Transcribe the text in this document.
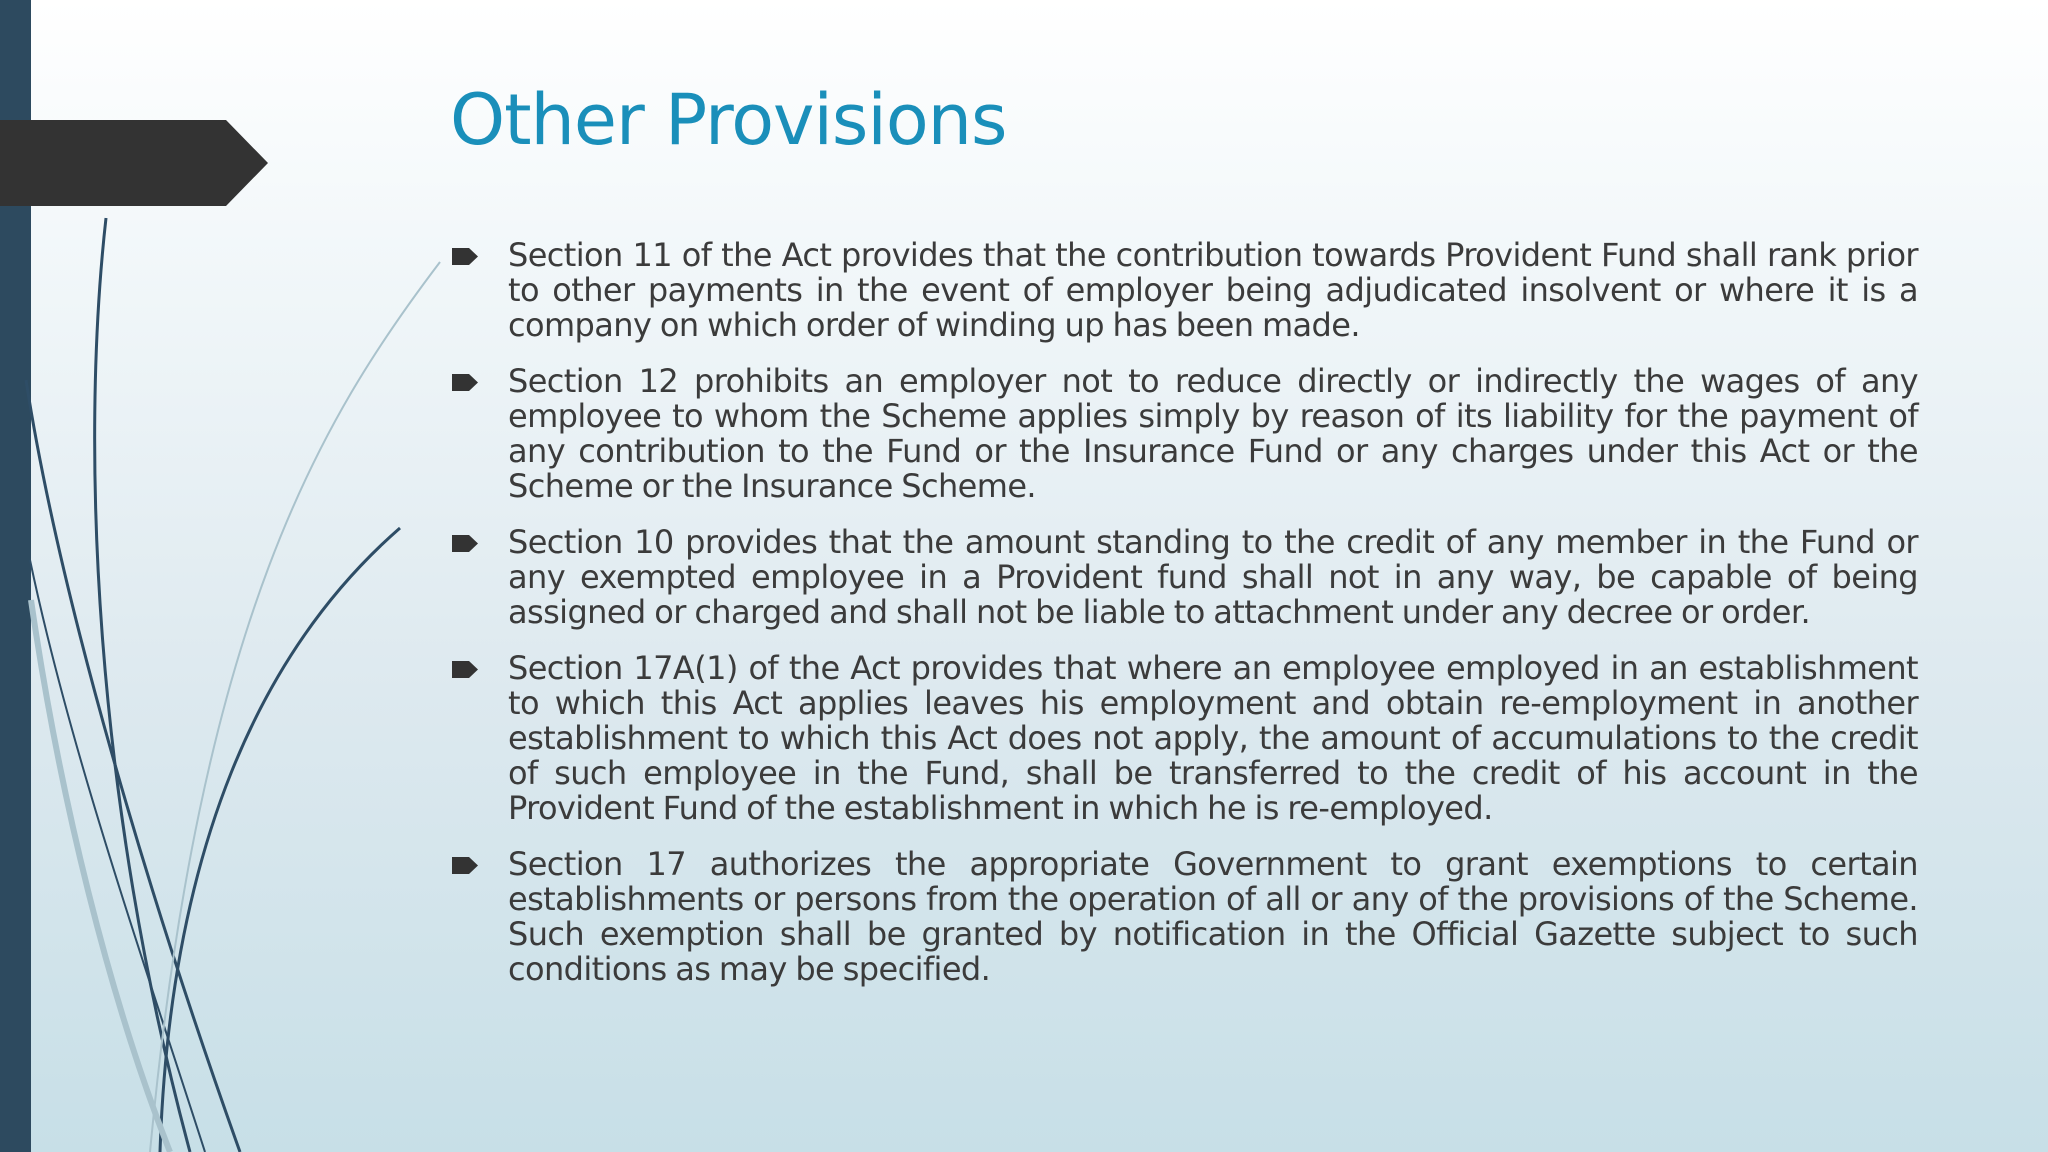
Other Provisions
Section 11 of the Act provides that the contribution towards Provident Fund shall rank prior to other payments in the event of employer being adjudicated insolvent or where it is a company on which order of winding up has been made.
Section 12 prohibits an employer not to reduce directly or indirectly the wages of any employee to whom the Scheme applies simply by reason of its liability for the payment of any contribution to the Fund or the Insurance Fund or any charges under this Act or the Scheme or the Insurance Scheme.
Section 10 provides that the amount standing to the credit of any member in the Fund or any exempted employee in a Provident fund shall not in any way, be capable of being assigned or charged and shall not be liable to attachment under any decree or order.
Section 17A(1) of the Act provides that where an employee employed in an establishment to which this Act applies leaves his employment and obtain re-employment in another establishment to which this Act does not apply, the amount of accumulations to the credit of such employee in the Fund, shall be transferred to the credit of his account in the Provident Fund of the establishment in which he is re-employed.
Section 17 authorizes the appropriate Government to grant exemptions to certain establishments or persons from the operation of all or any of the provisions of the Scheme. Such exemption shall be granted by notification in the Official Gazette subject to such conditions as may be specified.
